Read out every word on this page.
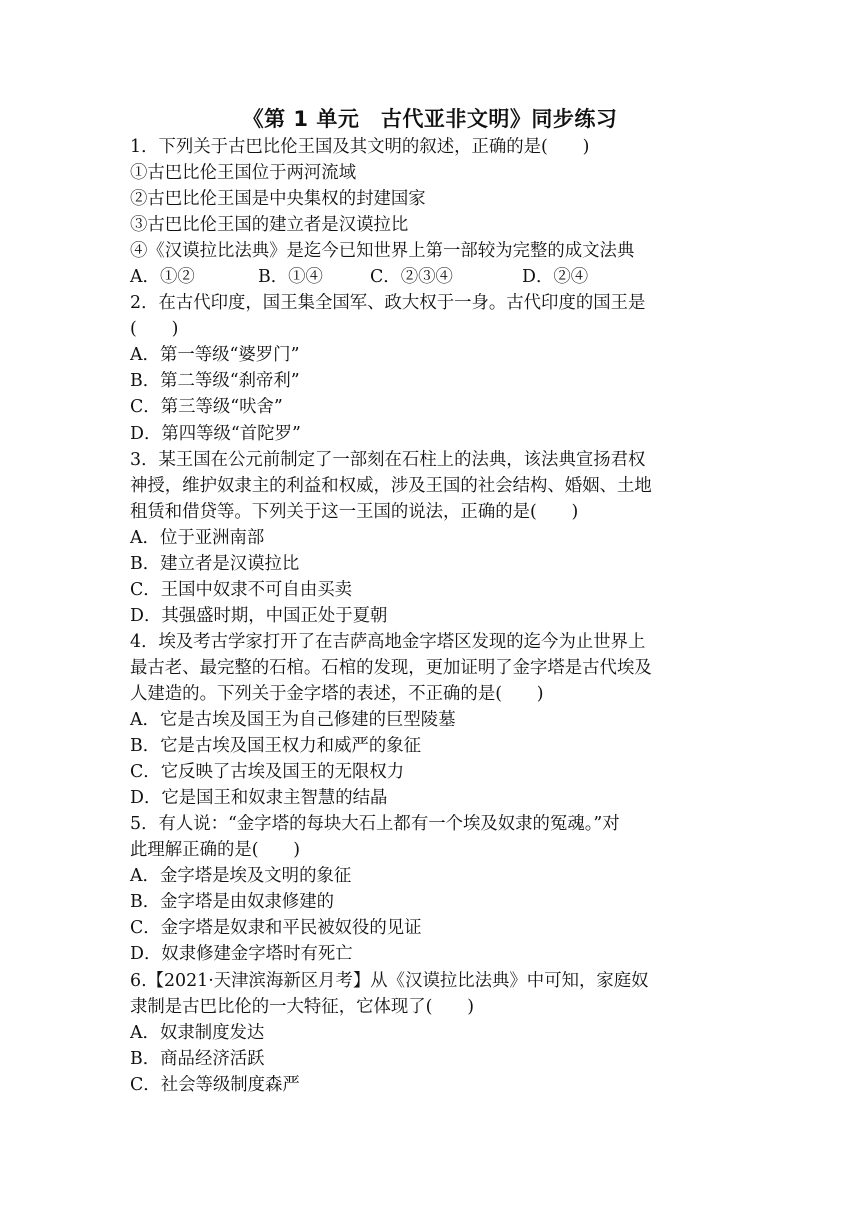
《第 1 单元　古代亚非文明》同步练习
1．下列关于古巴比伦王国及其文明的叙述，正确的是(　　)
①古巴比伦王国位于两河流域
②古巴比伦王国是中央集权的封建国家
③古巴比伦王国的建立者是汉谟拉比
④《汉谟拉比法典》是迄今已知世界上第一部较为完整的成文法典
A．①②	B．①④	C．②③④	D．②④
2．在古代印度，国王集全国军、政大权于一身。古代印度的国王是
(　　)
A．第一等级“婆罗门”
B．第二等级“刹帝利”
C．第三等级“吠舍”
D．第四等级“首陀罗”
3．某王国在公元前制定了一部刻在石柱上的法典，该法典宣扬君权
神授，维护奴隶主的利益和权威，涉及王国的社会结构、婚姻、土地
租赁和借贷等。下列关于这一王国的说法，正确的是(　　)
A．位于亚洲南部
B．建立者是汉谟拉比
C．王国中奴隶不可自由买卖
D．其强盛时期，中国正处于夏朝
4．埃及考古学家打开了在吉萨高地金字塔区发现的迄今为止世界上
最古老、最完整的石棺。石棺的发现，更加证明了金字塔是古代埃及
人建造的。下列关于金字塔的表述，不正确的是(　　)
A．它是古埃及国王为自己修建的巨型陵墓
B．它是古埃及国王权力和威严的象征
C．它反映了古埃及国王的无限权力
D．它是国王和奴隶主智慧的结晶
5．有人说：“金字塔的每块大石上都有一个埃及奴隶的冤魂。”对
此理解正确的是(　　)
A．金字塔是埃及文明的象征
B．金字塔是由奴隶修建的
C．金字塔是奴隶和平民被奴役的见证
D．奴隶修建金字塔时有死亡
6.【2021·天津滨海新区月考】从《汉谟拉比法典》中可知，家庭奴
隶制是古巴比伦的一大特征，它体现了(　　)
A．奴隶制度发达
B．商品经济活跃
C．社会等级制度森严
